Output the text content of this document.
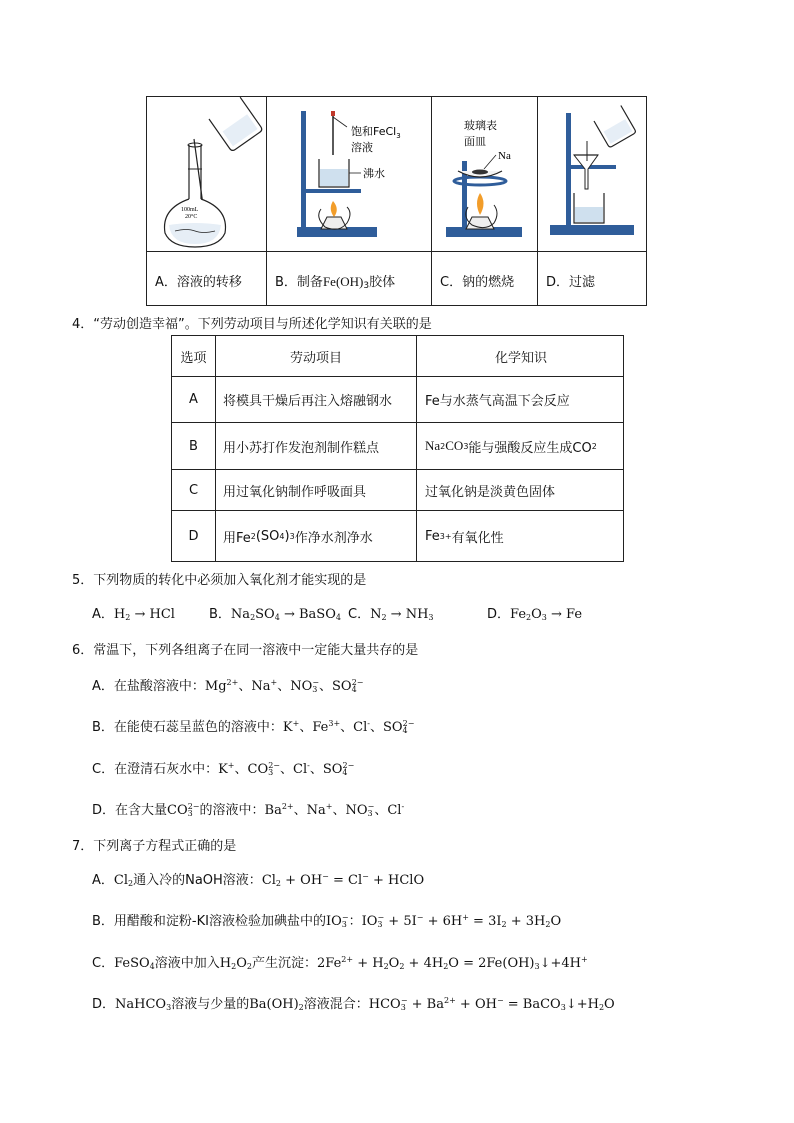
100mL
20°C
A．溶液的转移
饱和FeCl$_3$
溶液
沸水
B．制备$Fe(OH)_3$胶体
玻璃表
面皿
Na
C．钠的燃烧 D．过滤
4．“劳动创造幸福”。下列劳动项目与所述化学知识有关联的是
选项	劳动项目	化学知识
A	将模具干燥后再注入熔融钢水	Fe与水蒸气高温下会反应
B	用小苏打作发泡剂制作糕点	Na 2 CO 3 能与强酸反应生成CO 2
C	用过氧化钠制作呼吸面具	过氧化钠是淡黄色固体
D	用Fe 2 (SO 4 ) 3 作净水剂净水	Fe 3+ 有氧化性
5．下列物质的转化中必须加入氧化剂才能实现的是
A．$H_2$ → HCl	B．$Na_2SO_4$ → BaSO$_4$ C．$N_2 \to NH_3$	D．$Fe_2O_3 \to Fe$
6．常温下，下列各组离子在同一溶液中一定能大量共存的是
A．在盐酸溶液中：$Mg^{2+}$、Na+、$NO_3^-$、$SO_4^{2-}$
B．在能使石蕊呈蓝色的溶液中：K+、$Fe^{3+}$、Cl-、$SO_4^{2-}$
C．在澄清石灰水中：K+、$CO_3^{2-}$、Cl-、$SO_4^{2-}$
D．在含大量$CO_3^{2-}$的溶液中：$Ba^{2+}$、Na+、$NO_3^-$、Cl-
7．下列离子方程式正确的是
A．$Cl_2$通入冷的NaOH溶液：$Cl_2 + OH^- = Cl^-$ + HClO
B．用醋酸和淀粉-KI溶液检验加碘盐中的$IO_3^-$：$IO_3^- + 5I^- + 6H^+ = 3I_2 + 3H_2O$
C．FeSO$_4$溶液中加入$H_2O_2$产生沉淀：$2Fe^{2+} + H_2O_2 + 4H_2O$ = $2Fe(OH)_3↓+4H^+$
D．NaHCO$_3$溶液与少量的$Ba(OH)_2$溶液混合：$HCO_3^- + Ba^{2+} + OH^-$ = $BaCO_3↓+H_2O$
